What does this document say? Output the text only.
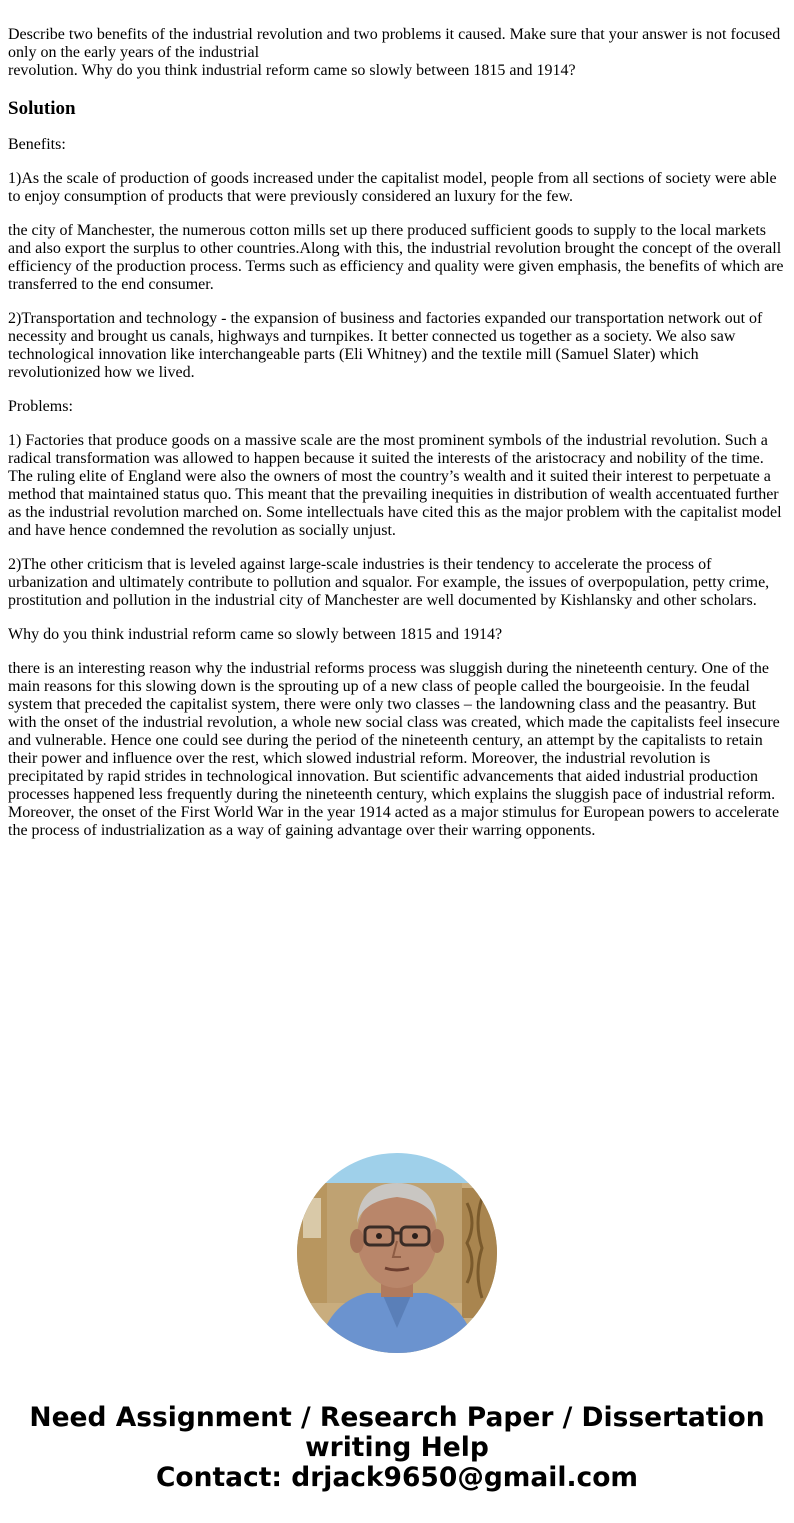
Describe two benefits of the industrial revolution and two problems it caused. Make sure that your answer is not focused only on the early years of the industrial

revolution. Why do you think industrial reform came so slowly between 1815 and 1914?

Solution

Benefits:

1)As the scale of production of goods increased under the capitalist model, people from all sections of society were able to enjoy consumption of products that were previously considered an luxury for the few.

the city of Manchester, the numerous cotton mills set up there produced sufficient goods to supply to the local markets and also export the surplus to other countries.Along with this, the industrial revolution brought the concept of the overall efficiency of the production process. Terms such as efficiency and quality were given emphasis, the benefits of which are transferred to the end consumer.

2)Transportation and technology - the expansion of business and factories expanded our transportation network out of necessity and brought us canals, highways and turnpikes. It better connected us together as a society. We also saw technological innovation like interchangeable parts (Eli Whitney) and the textile mill (Samuel Slater) which revolutionized how we lived.

Problems:

1) Factories that produce goods on a massive scale are the most prominent symbols of the industrial revolution. Such a radical transformation was allowed to happen because it suited the interests of the aristocracy and nobility of the time. The ruling elite of England were also the owners of most the country’s wealth and it suited their interest to perpetuate a method that maintained status quo. This meant that the prevailing inequities in distribution of wealth accentuated further as the industrial revolution marched on. Some intellectuals have cited this as the major problem with the capitalist model and have hence condemned the revolution as socially unjust.

2)The other criticism that is leveled against large-scale industries is their tendency to accelerate the process of urbanization and ultimately contribute to pollution and squalor. For example, the issues of overpopulation, petty crime, prostitution and pollution in the industrial city of Manchester are well documented by Kishlansky and other scholars.

Why do you think industrial reform came so slowly between 1815 and 1914?

there is an interesting reason why the industrial reforms process was sluggish during the nineteenth century. One of the main reasons for this slowing down is the sprouting up of a new class of people called the bourgeoisie. In the feudal system that preceded the capitalist system, there were only two classes – the landowning class and the peasantry. But with the onset of the industrial revolution, a whole new social class was created, which made the capitalists feel insecure and vulnerable. Hence one could see during the period of the nineteenth century, an attempt by the capitalists to retain their power and influence over the rest, which slowed industrial reform. Moreover, the industrial revolution is precipitated by rapid strides in technological innovation. But scientific advancements that aided industrial production processes happened less frequently during the nineteenth century, which explains the sluggish pace of industrial reform. Moreover, the onset of the First World War in the year 1914 acted as a major stimulus for European powers to accelerate the process of industrialization as a way of gaining advantage over their warring opponents.

Need Assignment / Research Paper / Dissertation
writing Help
Contact: drjack9650@gmail.com
